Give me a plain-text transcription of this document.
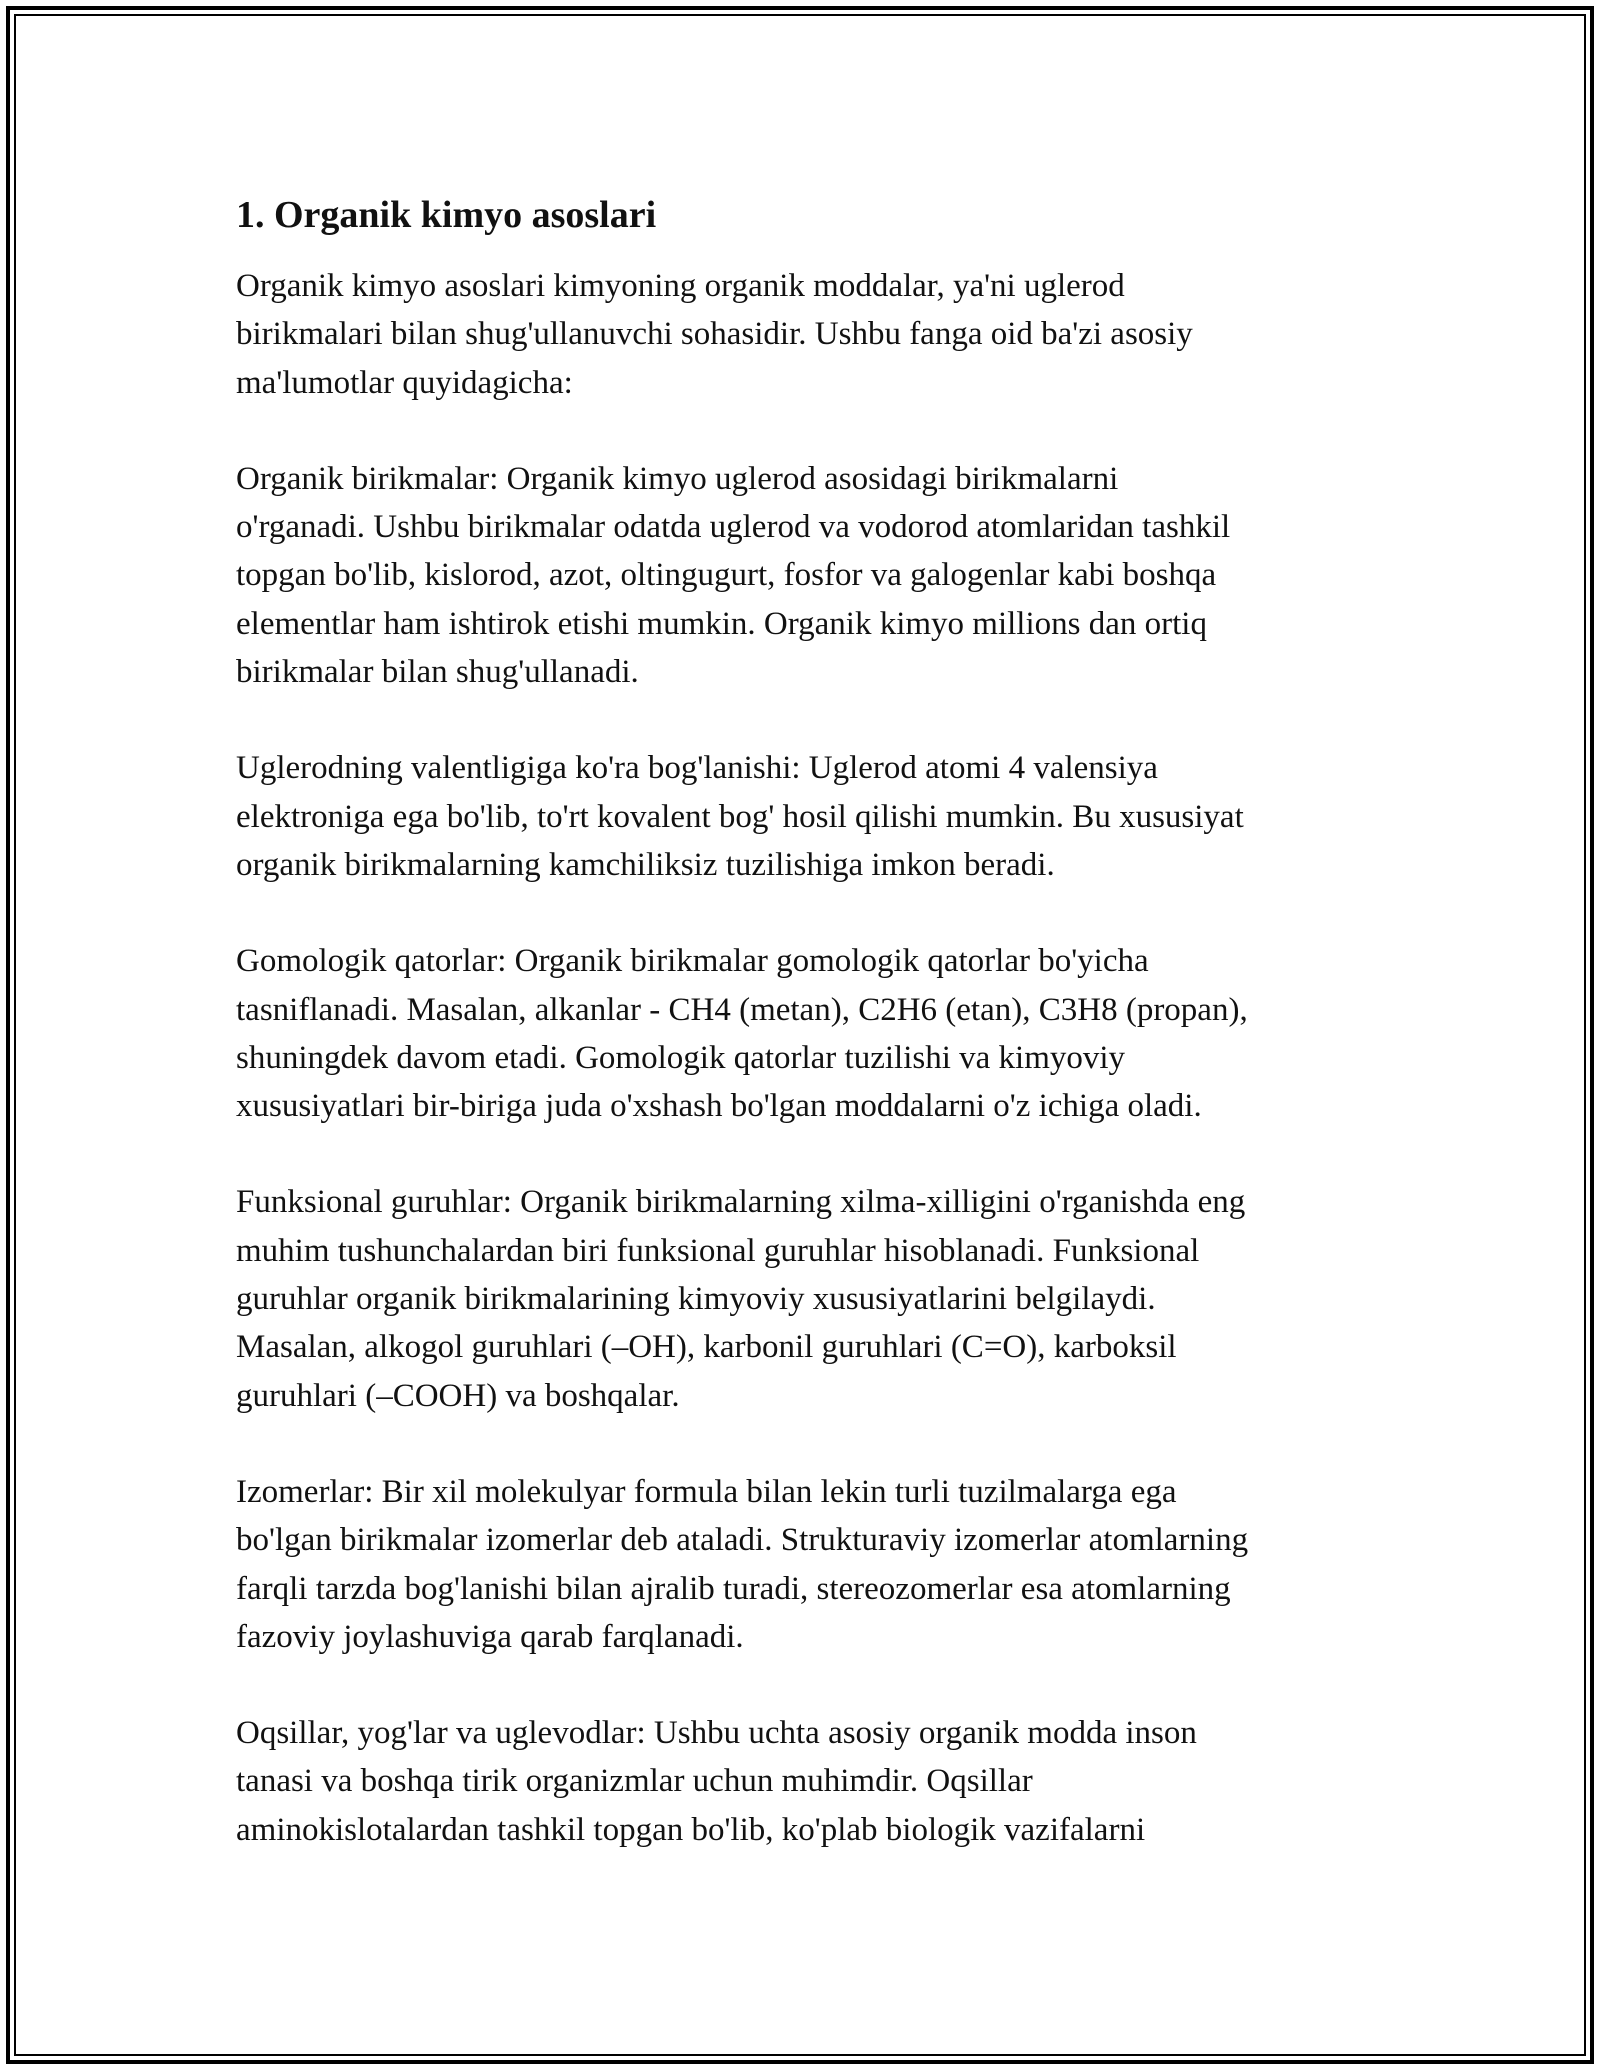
1. Organik kimyo asoslari

Organik kimyo asoslari kimyoning organik moddalar, ya'ni uglerod
birikmalari bilan shug'ullanuvchi sohasidir. Ushbu fanga oid ba'zi asosiy
ma'lumotlar quyidagicha:

Organik birikmalar: Organik kimyo uglerod asosidagi birikmalarni
o'rganadi. Ushbu birikmalar odatda uglerod va vodorod atomlaridan tashkil
topgan bo'lib, kislorod, azot, oltingugurt, fosfor va galogenlar kabi boshqa
elementlar ham ishtirok etishi mumkin. Organik kimyo millions dan ortiq
birikmalar bilan shug'ullanadi.

Uglerodning valentligiga ko'ra bog'lanishi: Uglerod atomi 4 valensiya
elektroniga ega bo'lib, to'rt kovalent bog' hosil qilishi mumkin. Bu xususiyat
organik birikmalarning kamchiliksiz tuzilishiga imkon beradi.

Gomologik qatorlar: Organik birikmalar gomologik qatorlar bo'yicha
tasniflanadi. Masalan, alkanlar - CH4 (metan), C2H6 (etan), C3H8 (propan),
shuningdek davom etadi. Gomologik qatorlar tuzilishi va kimyoviy
xususiyatlari bir-biriga juda o'xshash bo'lgan moddalarni o'z ichiga oladi.

Funksional guruhlar: Organik birikmalarning xilma-xilligini o'rganishda eng
muhim tushunchalardan biri funksional guruhlar hisoblanadi. Funksional
guruhlar organik birikmalarining kimyoviy xususiyatlarini belgilaydi.
Masalan, alkogol guruhlari (–OH), karbonil guruhlari (C=O), karboksil
guruhlari (–COOH) va boshqalar.

Izomerlar: Bir xil molekulyar formula bilan lekin turli tuzilmalarga ega
bo'lgan birikmalar izomerlar deb ataladi. Strukturaviy izomerlar atomlarning
farqli tarzda bog'lanishi bilan ajralib turadi, stereozomerlar esa atomlarning
fazoviy joylashuviga qarab farqlanadi.

Oqsillar, yog'lar va uglevodlar: Ushbu uchta asosiy organik modda inson
tanasi va boshqa tirik organizmlar uchun muhimdir. Oqsillar
aminokislotalardan tashkil topgan bo'lib, ko'plab biologik vazifalarni
